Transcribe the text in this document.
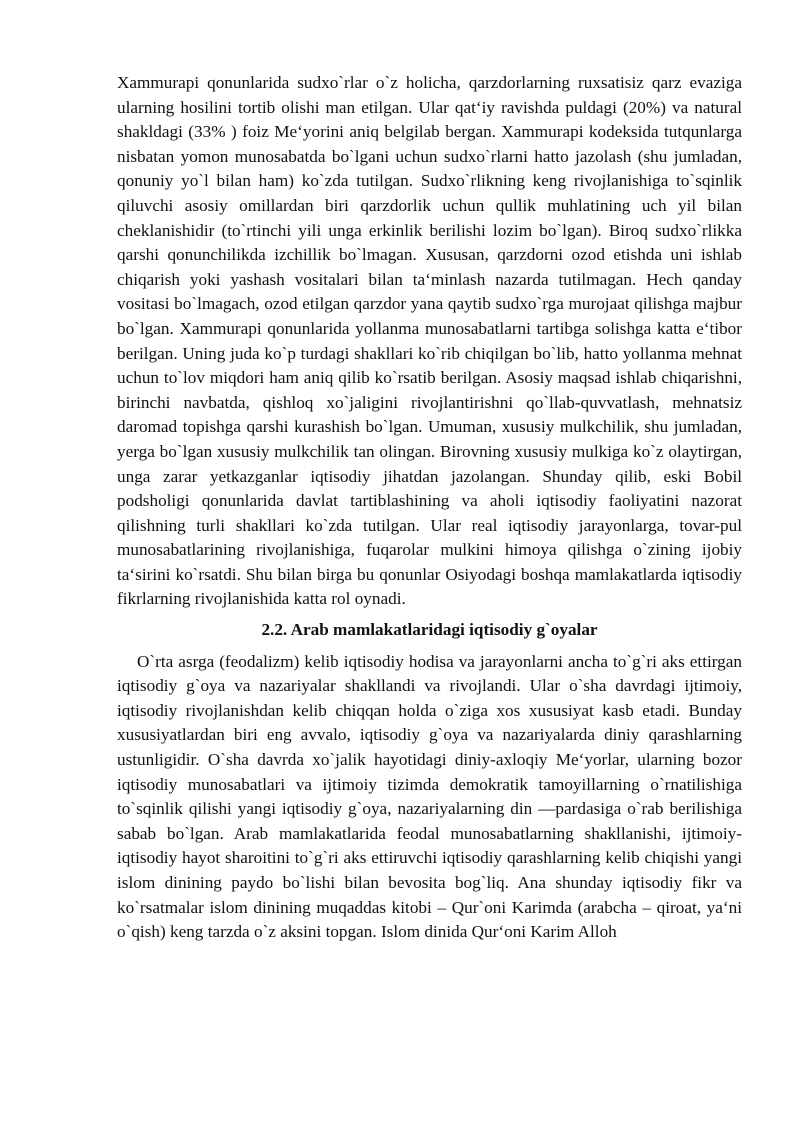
Xammurapi qonunlarida sudxo`rlar o`z holicha, qarzdorlarning ruxsatisiz qarz evaziga ularning hosilini tortib olishi man etilgan. Ular qat‘iy ravishda puldagi (20%) va natural shakldagi (33% ) foiz Me‘yorini aniq belgilab bergan. Xammurapi kodeksida tutqunlarga nisbatan yomon munosabatda bo`lgani uchun sudxo`rlarni hatto jazolash (shu jumladan, qonuniy yo`l bilan ham) ko`zda tutilgan. Sudxo`rlikning keng rivojlanishiga to`sqinlik qiluvchi asosiy omillardan biri qarzdorlik uchun qullik muhlatining uch yil bilan cheklanishidir (to`rtinchi yili unga erkinlik berilishi lozim bo`lgan). Biroq sudxo`rlikka qarshi qonunchilikda izchillik bo`lmagan. Xususan, qarzdorni ozod etishda uni ishlab chiqarish yoki yashash vositalari bilan ta‘minlash nazarda tutilmagan. Hech qanday vositasi bo`lmagach, ozod etilgan qarzdor yana qaytib sudxo`rga murojaat qilishga majbur bo`lgan. Xammurapi qonunlarida yollanma munosabatlarni tartibga solishga katta e‘tibor berilgan. Uning juda ko`p turdagi shakllari ko`rib chiqilgan bo`lib, hatto yollanma mehnat uchun to`lov miqdori ham aniq qilib ko`rsatib berilgan. Asosiy maqsad ishlab chiqarishni, birinchi navbatda, qishloq xo`jaligini rivojlantirishni qo`llab-quvvatlash, mehnatsiz daromad topishga qarshi kurashish bo`lgan. Umuman, xususiy mulkchilik, shu jumladan, yerga bo`lgan xususiy mulkchilik tan olingan. Birovning xususiy mulkiga ko`z olaytirgan, unga zarar yetkazganlar iqtisodiy jihatdan jazolangan. Shunday qilib, eski Bobil podsholigi qonunlarida davlat tartiblashining va aholi iqtisodiy faoliyatini nazorat qilishning turli shakllari ko`zda tutilgan. Ular real iqtisodiy jarayonlarga, tovar-pul munosabatlarining rivojlanishiga, fuqarolar mulkini himoya qilishga o`zining ijobiy ta‘sirini ko`rsatdi. Shu bilan birga bu qonunlar Osiyodagi boshqa mamlakatlarda iqtisodiy fikrlarning rivojlanishida katta rol oynadi.

2.2. Arab mamlakatlaridagi iqtisodiy g`oyalar

O`rta asrga (feodalizm) kelib iqtisodiy hodisa va jarayonlarni ancha to`g`ri aks ettirgan iqtisodiy g`oya va nazariyalar shakllandi va rivojlandi. Ular o`sha davrdagi ijtimoiy, iqtisodiy rivojlanishdan kelib chiqqan holda o`ziga xos xususiyat kasb etadi. Bunday xususiyatlardan biri eng avvalo, iqtisodiy g`oya va nazariyalarda diniy qarashlarning ustunligidir. O`sha davrda xo`jalik hayotidagi diniy-axloqiy Me‘yorlar, ularning bozor iqtisodiy munosabatlari va ijtimoiy tizimda demokratik tamoyillarning o`rnatilishiga to`sqinlik qilishi yangi iqtisodiy g`oya, nazariyalarning din ―pardasiga o`rab berilishiga sabab bo`lgan. Arab mamlakatlarida feodal munosabatlarning shakllanishi, ijtimoiy-iqtisodiy hayot sharoitini to`g`ri aks ettiruvchi iqtisodiy qarashlarning kelib chiqishi yangi islom dinining paydo bo`lishi bilan bevosita bog`liq. Ana shunday iqtisodiy fikr va ko`rsatmalar islom dinining muqaddas kitobi – Qur`oni Karimda (arabcha – qiroat, ya‘ni o`qish) keng tarzda o`z aksini topgan. Islom dinida Qur‘oni Karim Alloh
